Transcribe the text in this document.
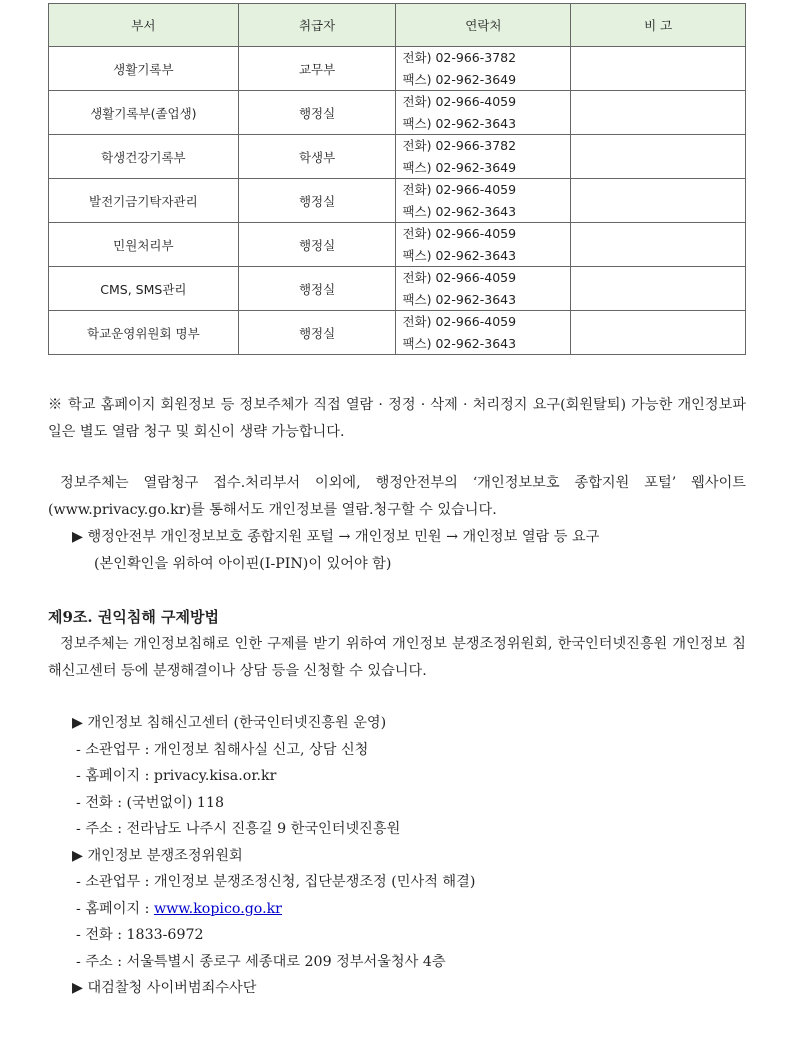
부서	취급자	연락처	비 고
생활기록부	교무부	전화) 02-966-3782
팩스) 02-962-3649	

생활기록부(졸업생)	행정실	전화) 02-966-4059
팩스) 02-962-3643	

학생건강기록부	학생부	전화) 02-966-3782
팩스) 02-962-3649	

발전기금기탁자관리	행정실	전화) 02-966-4059
팩스) 02-962-3643	

민원처리부	행정실	전화) 02-966-4059
팩스) 02-962-3643	

CMS, SMS관리	행정실	전화) 02-966-4059
팩스) 02-962-3643	

학교운영위원회 명부	행정실	전화) 02-966-4059
팩스) 02-962-3643	

※ 학교 홈페이지 회원정보 등 정보주체가 직접 열람 · 정정 · 삭제 · 처리정지 요구(회원탈퇴) 가능한 개인정보파일은 별도 열람 청구 및 회신이 생략 가능합니다.

정보주체는 열람청구 접수.처리부서 이외에, 행정안전부의 ‘개인정보보호 종합지원 포털’ 웹사이트(www.privacy.go.kr)를 통해서도 개인정보를 열람.청구할 수 있습니다.

▶ 행정안전부 개인정보보호 종합지원 포털 → 개인정보 민원 → 개인정보 열람 등 요구
(본인확인을 위하여 아이핀(I-PIN)이 있어야 함)

제9조. 권익침해 구제방법

정보주체는 개인정보침해로 인한 구제를 받기 위하여 개인정보 분쟁조정위원회, 한국인터넷진흥원 개인정보 침해신고센터 등에 분쟁해결이나 상담 등을 신청할 수 있습니다.

▶ 개인정보 침해신고센터 (한국인터넷진흥원 운영)
- 소관업무 : 개인정보 침해사실 신고, 상담 신청
- 홈페이지 : privacy.kisa.or.kr
- 전화 : (국번없이) 118
- 주소 : 전라남도 나주시 진흥길 9 한국인터넷진흥원
▶ 개인정보 분쟁조정위원회
- 소관업무 : 개인정보 분쟁조정신청, 집단분쟁조정 (민사적 해결)
- 홈페이지 : www.kopico.go.kr
- 전화 : 1833-6972
- 주소 : 서울특별시 종로구 세종대로 209 정부서울청사 4층
▶ 대검찰청 사이버범죄수사단
